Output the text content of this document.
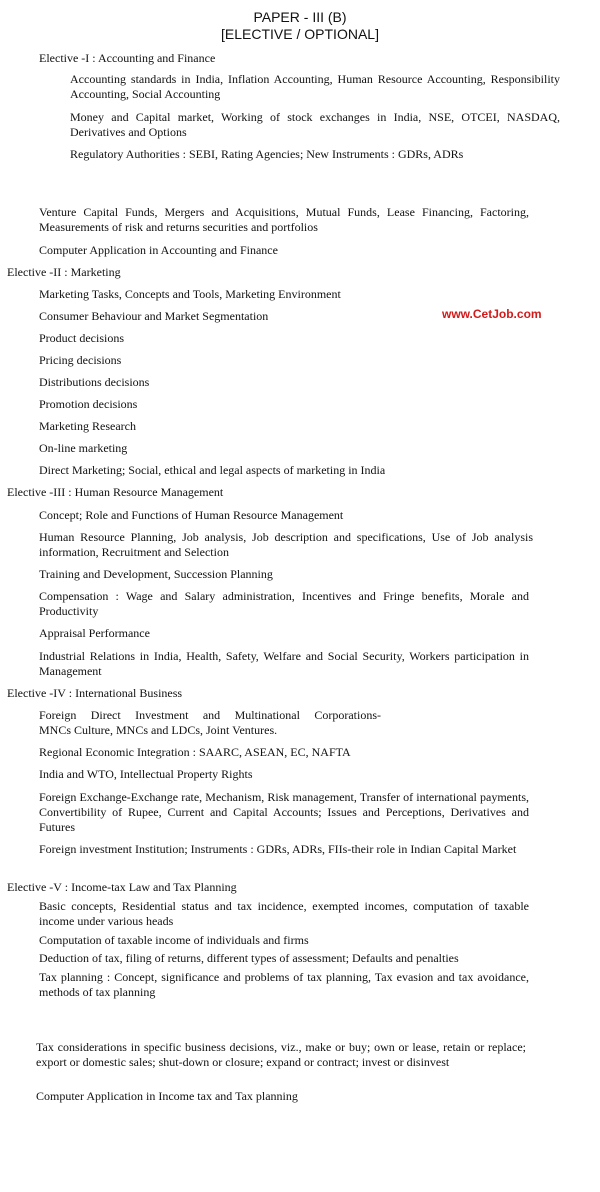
PAPER - III (B)
[ELECTIVE / OPTIONAL]
www.CetJob.com
Elective -I : Accounting and Finance
Accounting standards in India, Inflation Accounting, Human Resource Accounting, Responsibility Accounting, Social Accounting
Money and Capital market, Working of stock exchanges in India, NSE, OTCEI, NASDAQ, Derivatives and Options
Regulatory Authorities : SEBI, Rating Agencies; New Instruments : GDRs, ADRs
Venture Capital Funds, Mergers and Acquisitions, Mutual Funds, Lease Financing, Factoring, Measurements of risk and returns securities and portfolios
Computer Application in Accounting and Finance
Elective -II : Marketing
Marketing Tasks, Concepts and Tools, Marketing Environment
Consumer Behaviour and Market Segmentation
Product decisions
Pricing decisions
Distributions decisions
Promotion decisions
Marketing Research
On-line marketing
Direct Marketing; Social, ethical and legal aspects of marketing in India
Elective -III : Human Resource Management
Concept; Role and Functions of Human Resource Management
Human Resource Planning, Job analysis, Job description and specifications, Use of Job analysis information, Recruitment and Selection
Training and Development, Succession Planning
Compensation : Wage and Salary administration, Incentives and Fringe benefits, Morale and Productivity
Appraisal Performance
Industrial Relations in India, Health, Safety, Welfare and Social Security, Workers participation in Management
Elective -IV : International Business
Foreign Direct Investment and Multinational Corporations-
MNCs Culture, MNCs and LDCs, Joint Ventures.
Regional Economic Integration : SAARC, ASEAN, EC, NAFTA
India and WTO, Intellectual Property Rights
Foreign Exchange-Exchange rate, Mechanism, Risk management, Transfer of international payments, Convertibility of Rupee, Current and Capital Accounts; Issues and Perceptions, Derivatives and Futures
Foreign investment Institution; Instruments : GDRs, ADRs, FIIs-their role in Indian Capital Market
Elective -V : Income-tax Law and Tax Planning
Basic concepts, Residential status and tax incidence, exempted incomes, computation of taxable income under various heads
Computation of taxable income of individuals and firms
Deduction of tax, filing of returns, different types of assessment; Defaults and penalties
Tax planning : Concept, significance and problems of tax planning, Tax evasion and tax avoidance, methods of tax planning
Tax considerations in specific business decisions, viz., make or buy; own or lease, retain or replace; export or domestic sales; shut-down or closure; expand or contract; invest or disinvest
Computer Application in Income tax and Tax planning
